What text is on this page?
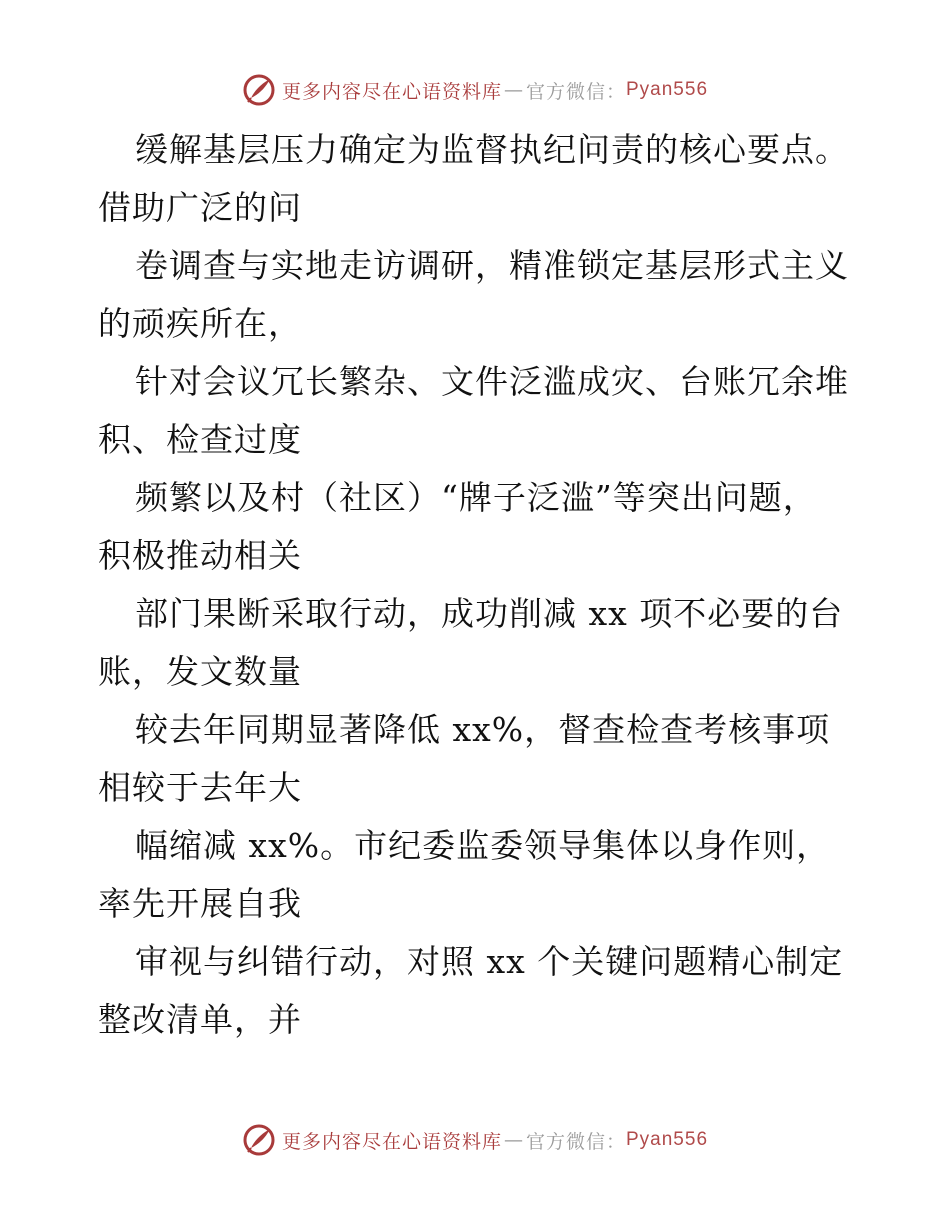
更多内容尽在心语资料库 — 官方微信： Pyan556
缓解基层压力确定为监督执纪问责的核心要点。
借助广泛的问
卷调查与实地走访调研，精准锁定基层形式主义
的顽疾所在，
针对会议冗长繁杂、文件泛滥成灾、台账冗余堆
积、检查过度
频繁以及村（社区）“牌子泛滥”等突出问题，
积极推动相关
部门果断采取行动，成功削减 xx 项不必要的台
账，发文数量
较去年同期显著降低 xx%，督查检查考核事项
相较于去年大
幅缩减 xx%。市纪委监委领导集体以身作则，
率先开展自我
审视与纠错行动，对照 xx 个关键问题精心制定
整改清单，并
更多内容尽在心语资料库 — 官方微信： Pyan556
